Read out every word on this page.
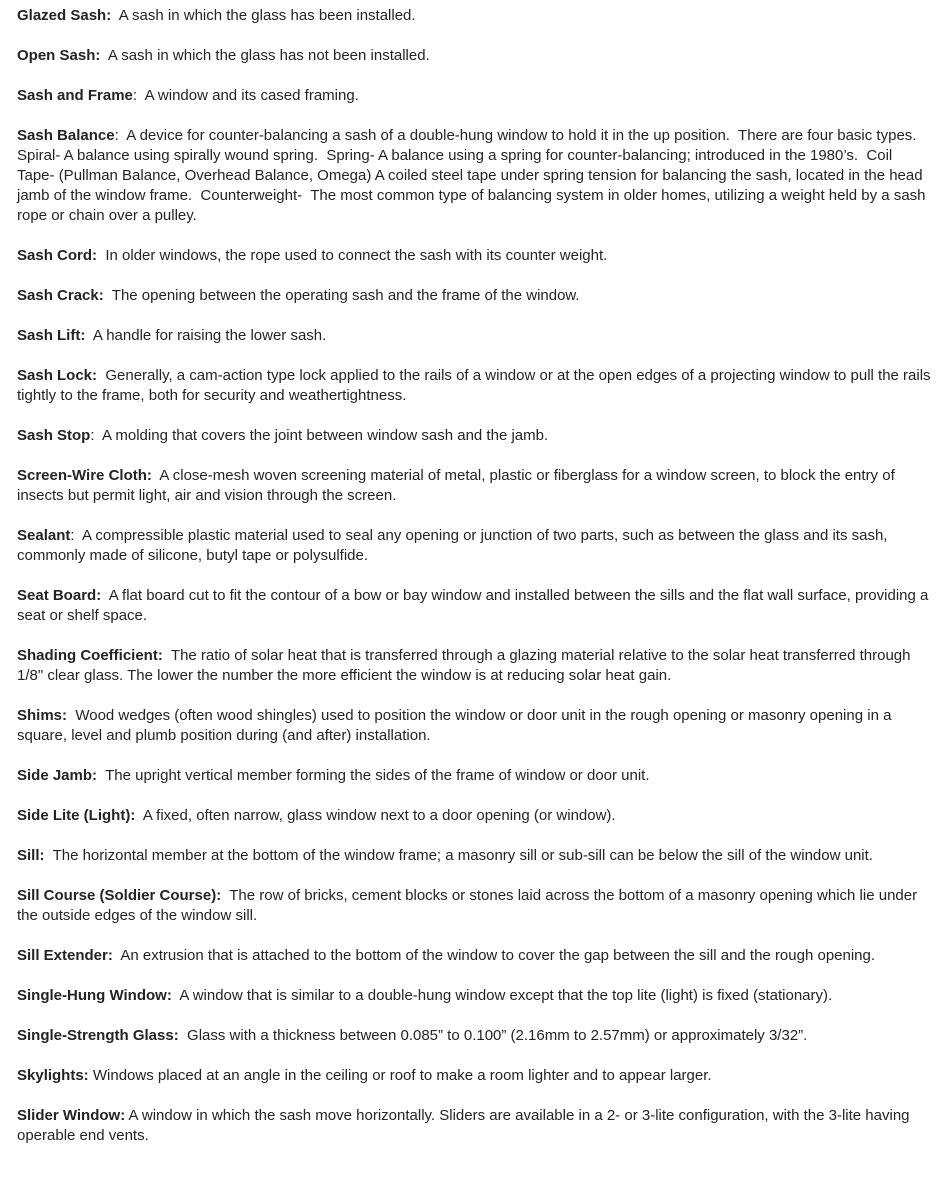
Glazed Sash:  A sash in which the glass has been installed.

Open Sash:  A sash in which the glass has not been installed.

Sash and Frame:  A window and its cased framing.

Sash Balance:  A device for counter-balancing a sash of a double-hung window to hold it in the up position.  There are four basic types.  Spiral- A balance using spirally wound spring.  Spring- A balance using a spring for counter-balancing; introduced in the 1980’s.  Coil Tape- (Pullman Balance, Overhead Balance, Omega) A coiled steel tape under spring tension for balancing the sash, located in the head jamb of the window frame.  Counterweight-  The most common type of balancing system in older homes, utilizing a weight held by a sash rope or chain over a pulley.

Sash Cord:  In older windows, the rope used to connect the sash with its counter weight.

Sash Crack:  The opening between the operating sash and the frame of the window.

Sash Lift:  A handle for raising the lower sash.

Sash Lock:  Generally, a cam-action type lock applied to the rails of a window or at the open edges of a projecting window to pull the rails tightly to the frame, both for security and weathertightness.

Sash Stop:  A molding that covers the joint between window sash and the jamb.

Screen-Wire Cloth:  A close-mesh woven screening material of metal, plastic or fiberglass for a window screen, to block the entry of insects but permit light, air and vision through the screen.

Sealant:  A compressible plastic material used to seal any opening or junction of two parts, such as between the glass and its sash, commonly made of silicone, butyl tape or polysulfide.

Seat Board:  A flat board cut to fit the contour of a bow or bay window and installed between the sills and the flat wall surface, providing a seat or shelf space.

Shading Coefficient:  The ratio of solar heat that is transferred through a glazing material relative to the solar heat transferred through 1/8" clear glass. The lower the number the more efficient the window is at reducing solar heat gain.

Shims:  Wood wedges (often wood shingles) used to position the window or door unit in the rough opening or masonry opening in a square, level and plumb position during (and after) installation.

Side Jamb:  The upright vertical member forming the sides of the frame of window or door unit.

Side Lite (Light):  A fixed, often narrow, glass window next to a door opening (or window).

Sill:  The horizontal member at the bottom of the window frame; a masonry sill or sub-sill can be below the sill of the window unit.

Sill Course (Soldier Course):  The row of bricks, cement blocks or stones laid across the bottom of a masonry opening which lie under the outside edges of the window sill.

Sill Extender:  An extrusion that is attached to the bottom of the window to cover the gap between the sill and the rough opening.

Single-Hung Window:  A window that is similar to a double-hung window except that the top lite (light) is fixed (stationary).

Single-Strength Glass:  Glass with a thickness between 0.085” to 0.100” (2.16mm to 2.57mm) or approximately 3/32”.

Skylights: Windows placed at an angle in the ceiling or roof to make a room lighter and to appear larger.

Slider Window: A window in which the sash move horizontally. Sliders are available in a 2- or 3-lite configuration, with the 3-lite having operable end vents.
